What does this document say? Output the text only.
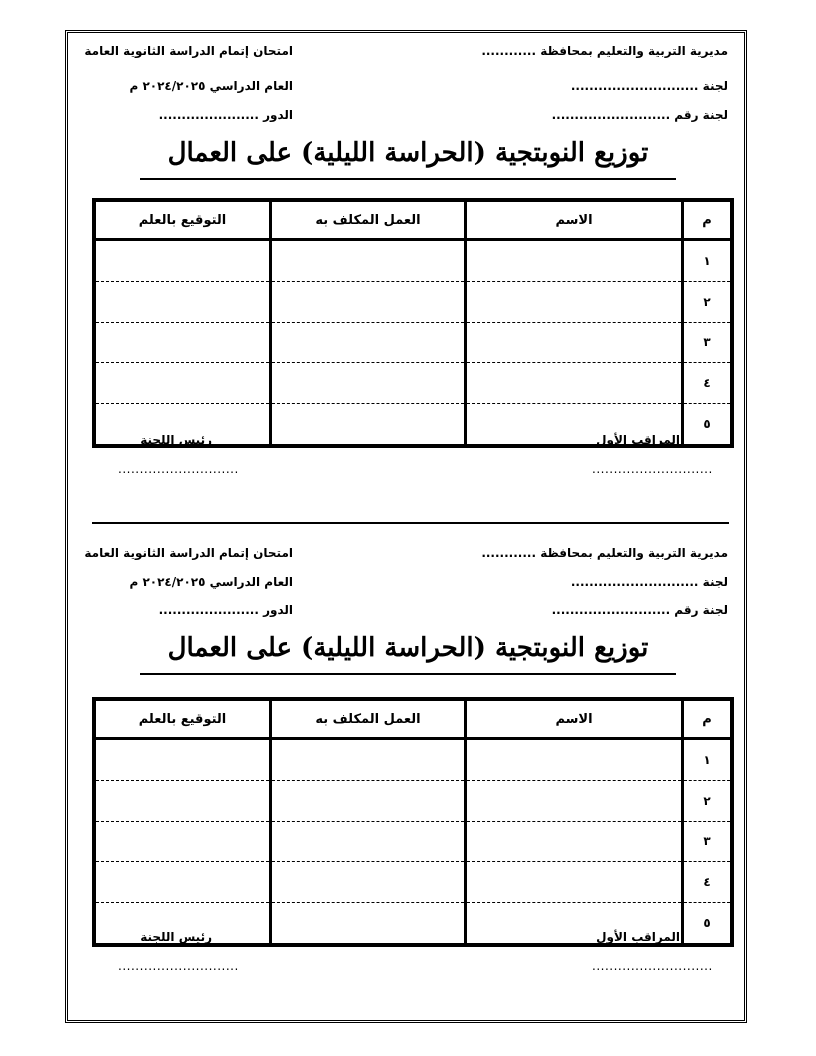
مديرية التربية والتعليم بمحافظة ............
امتحان إتمام الدراسة الثانوية العامة
لجنة ............................
العام الدراسي ٢٠٢٤/٢٠٢٥ م
لجنة رقم ..........................
الدور ......................
توزيع النوبتجية (الحراسة الليلية) على العمال
م	الاسم	العمل المكلف به	التوقيع بالعلم
١			
٢			
٣			
٤			
٥			
المراقب الأول
رئيس اللجنة
............................
............................
مديرية التربية والتعليم بمحافظة ............
امتحان إتمام الدراسة الثانوية العامة
لجنة ............................
العام الدراسي ٢٠٢٤/٢٠٢٥ م
لجنة رقم ..........................
الدور ......................
توزيع النوبتجية (الحراسة الليلية) على العمال
م	الاسم	العمل المكلف به	التوقيع بالعلم
١			
٢			
٣			
٤			
٥			
المراقب الأول
رئيس اللجنة
............................
............................
